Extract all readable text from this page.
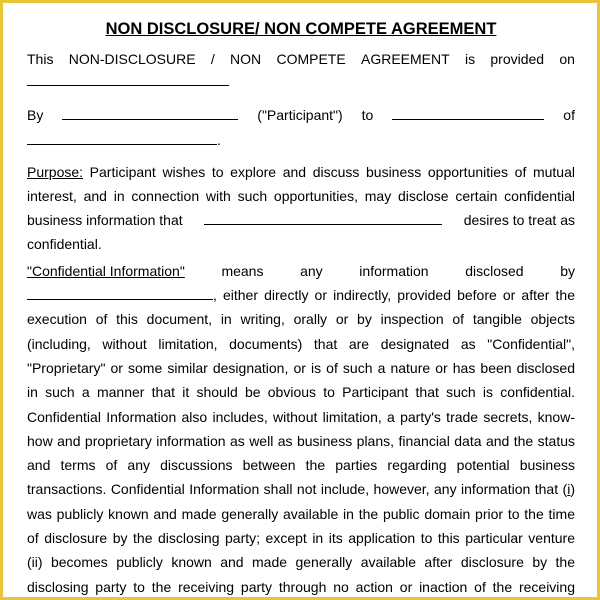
NON DISCLOSURE/ NON COMPETE AGREEMENT
This NON-DISCLOSURE / NON COMPETE AGREEMENT is provided on
By	("Participant") to	of
.
Purpose: Participant wishes to explore and discuss business opportunities of mutual
interest, and in connection with such opportunities, may disclose certain confidential
business information that	desires to treat as
confidential.
"Confidential Information"	means	any	information	disclosed	by
, either directly or indirectly, provided before or after the
execution of this document, in writing, orally or by inspection of tangible objects
(including, without limitation, documents) that are designated as "Confidential",
"Proprietary" or some similar designation, or is of such a nature or has been disclosed
in such a manner that it should be obvious to Participant that such is confidential.
Confidential Information also includes, without limitation, a party's trade secrets, know-
how and proprietary information as well as business plans, financial data and the status
and terms of any discussions between the parties regarding potential business
transactions. Confidential Information shall not include, however, any information that (i)
was publicly known and made generally available in the public domain prior to the time
of disclosure by the disclosing party; except in its application to this particular venture
(ii) becomes publicly known and made generally available after disclosure by the
disclosing party to the receiving party through no action or inaction of the receiving
